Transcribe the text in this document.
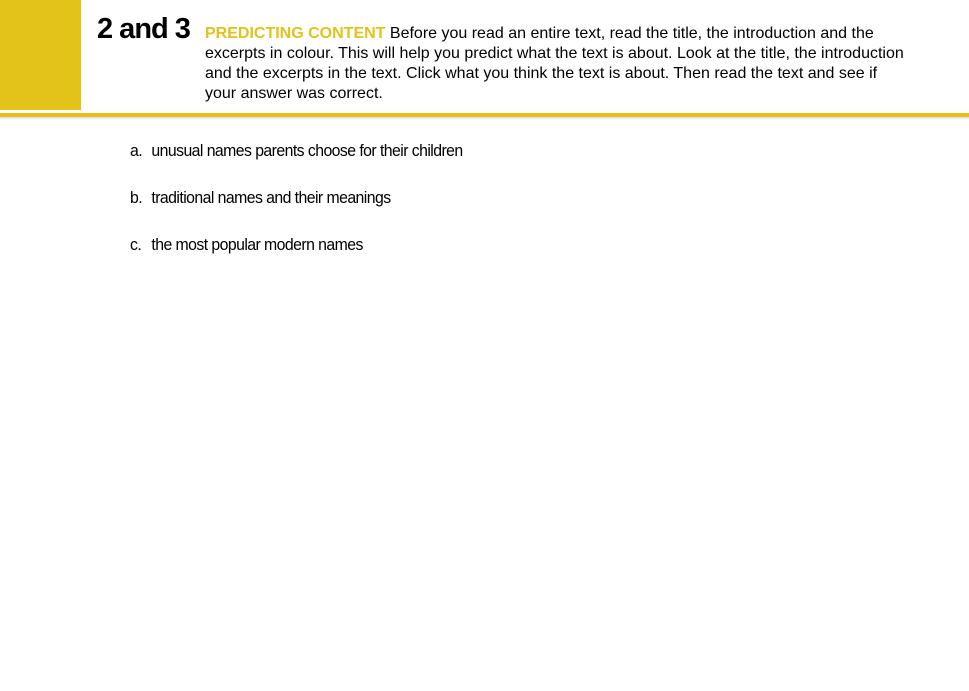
2 and 3 PREDICTING CONTENT Before you read an entire text, read the title, the introduction and the excerpts in colour. This will help you predict what the text is about. Look at the title, the introduction and the excerpts in the text. Click what you think the text is about. Then read the text and see if your answer was correct.
a. unusual names parents choose for their children
b. traditional names and their meanings
c. the most popular modern names
